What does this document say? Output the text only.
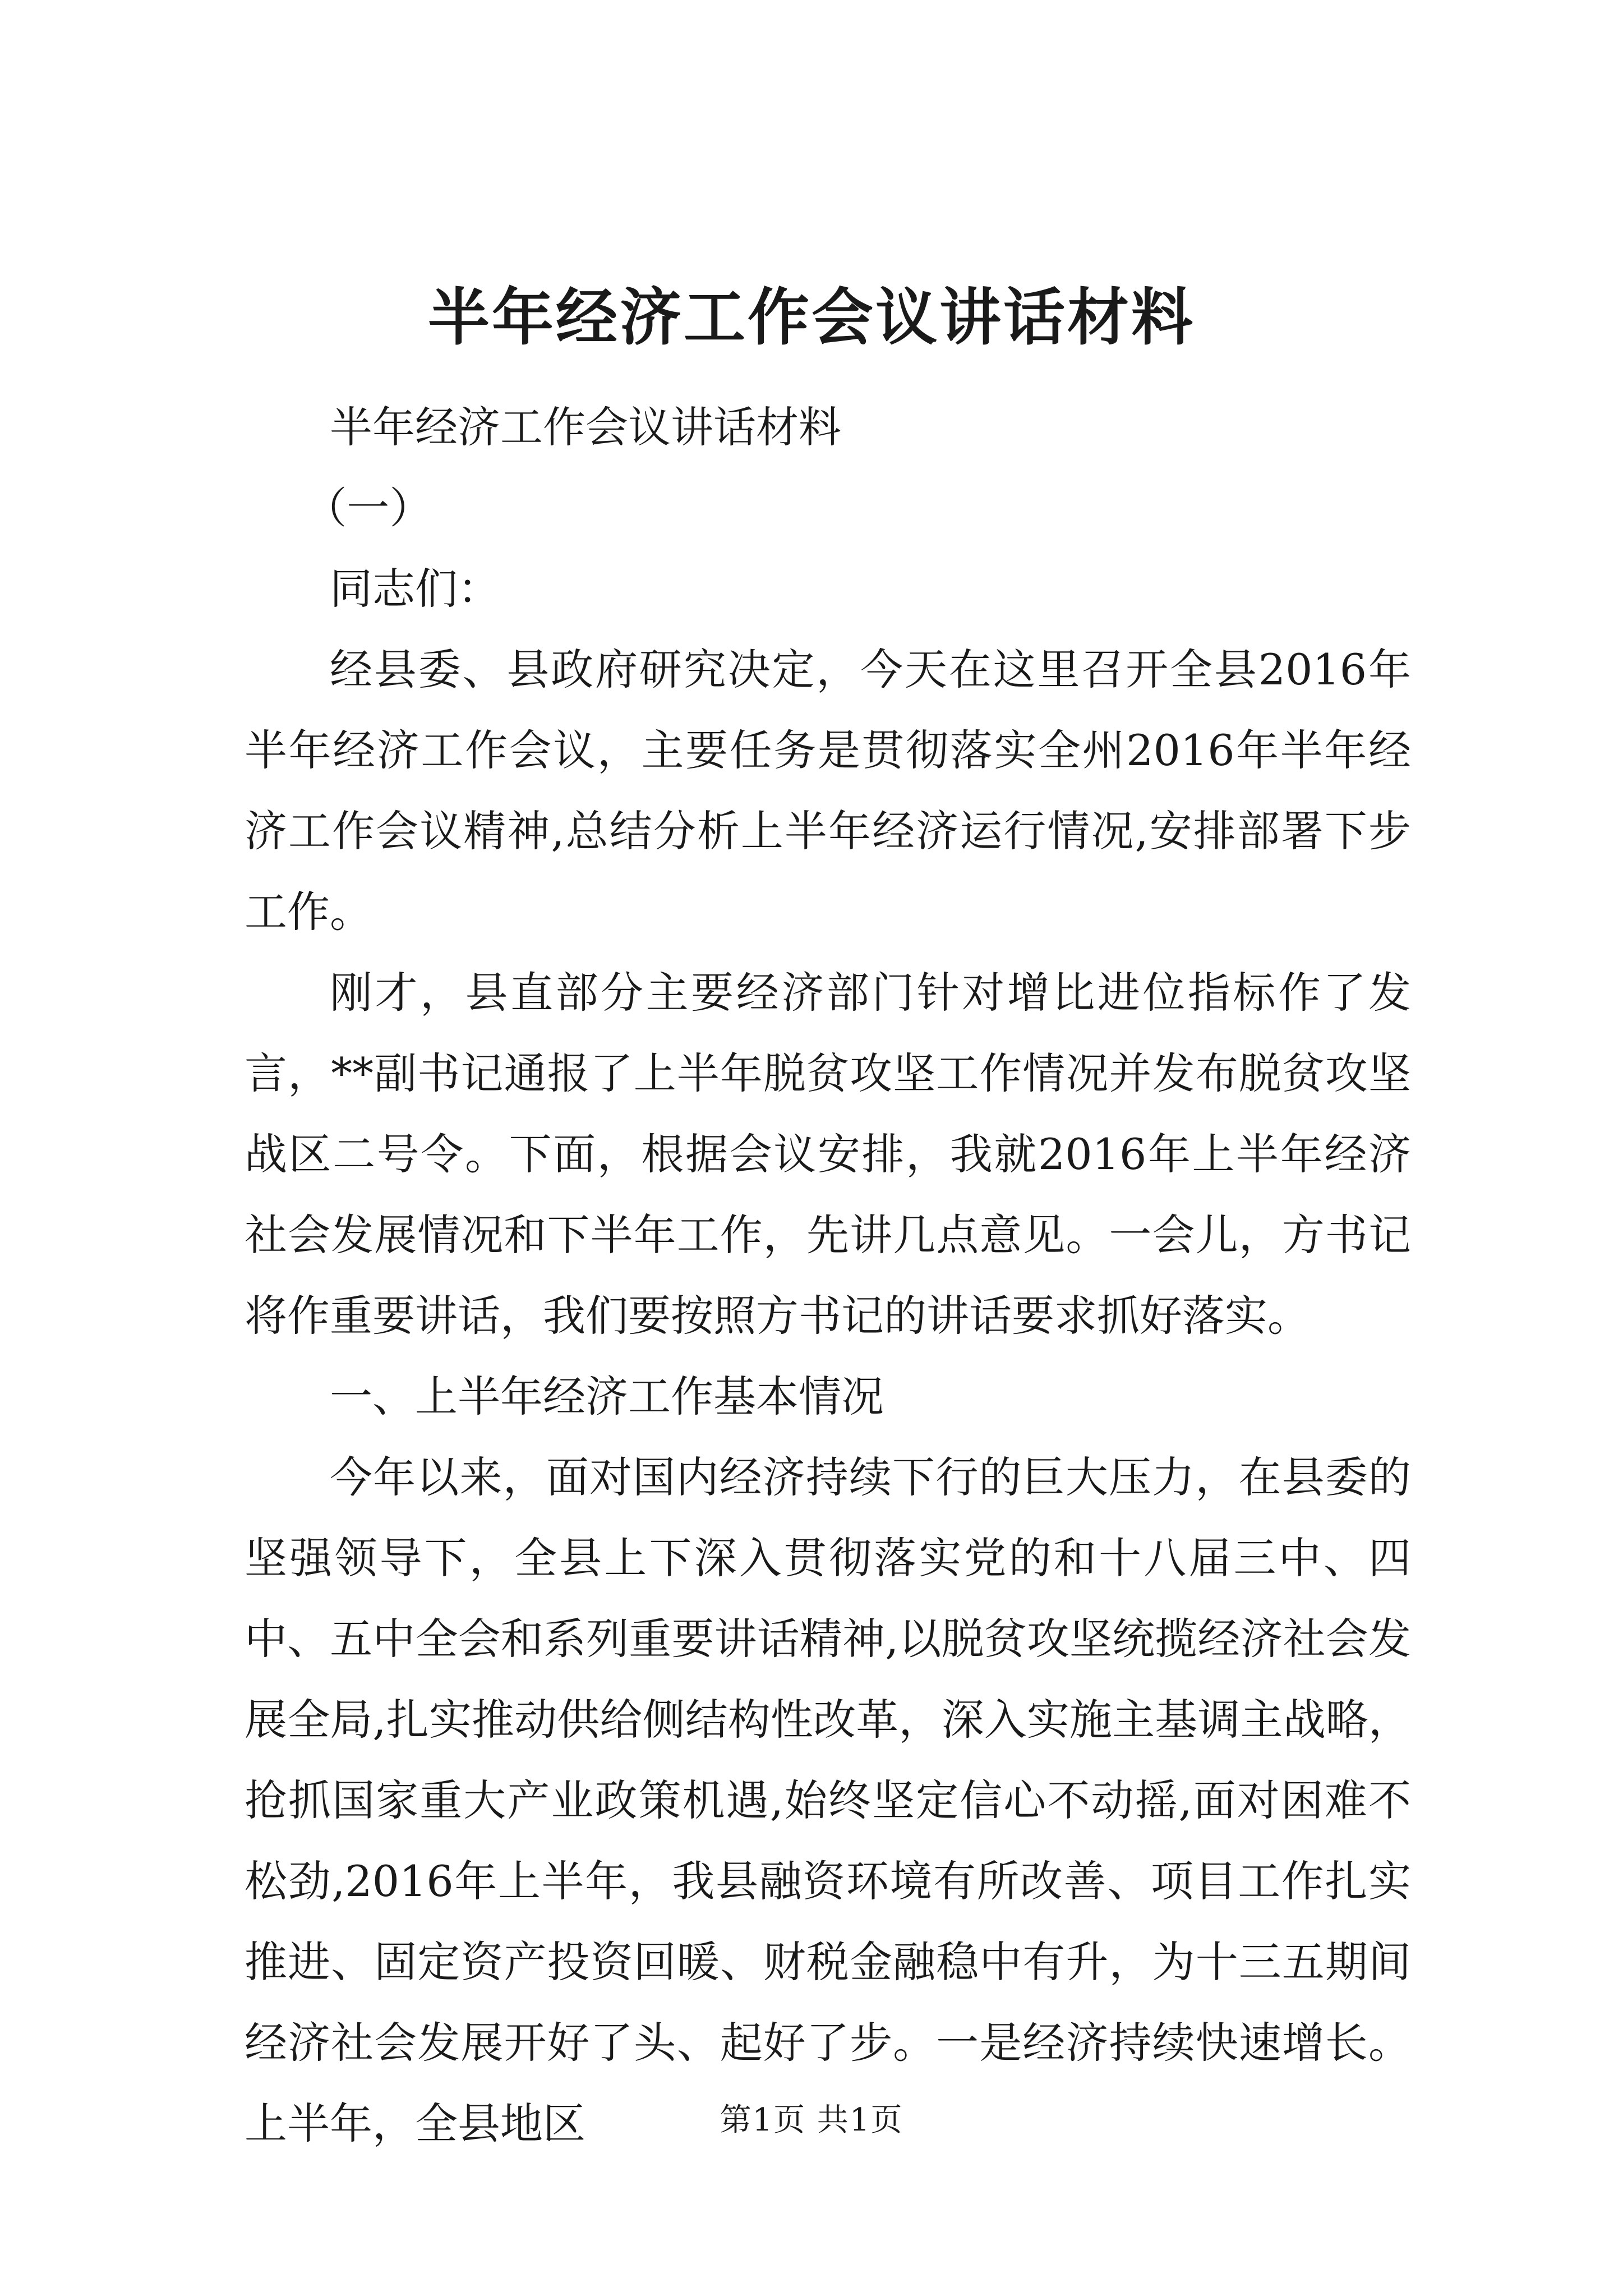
半年经济工作会议讲话材料

半年经济工作会议讲话材料

（一）

同志们：

经县委、县政府研究决定，今天在这里召开全县2016年半年经济工作会议，主要任务是贯彻落实全州2016年半年经济工作会议精神,总结分析上半年经济运行情况,安排部署下步工作。

刚才，县直部分主要经济部门针对增比进位指标作了发言，**副书记通报了上半年脱贫攻坚工作情况并发布脱贫攻坚战区二号令。下面，根据会议安排，我就2016年上半年经济社会发展情况和下半年工作，先讲几点意见。一会儿，方书记将作重要讲话，我们要按照方书记的讲话要求抓好落实。

一、上半年经济工作基本情况

今年以来，面对国内经济持续下行的巨大压力，在县委的坚强领导下，全县上下深入贯彻落实党的和十八届三中、四中、五中全会和系列重要讲话精神,以脱贫攻坚统揽经济社会发展全局,扎实推动供给侧结构性改革，深入实施主基调主战略，抢抓国家重大产业政策机遇,始终坚定信心不动摇,面对困难不松劲,2016年上半年，我县融资环境有所改善、项目工作扎实推进、固定资产投资回暖、财税金融稳中有升，为十三五期间经济社会发展开好了头、起好了步。一是经济持续快速增长。上半年，全县地区	第1页 共1页
